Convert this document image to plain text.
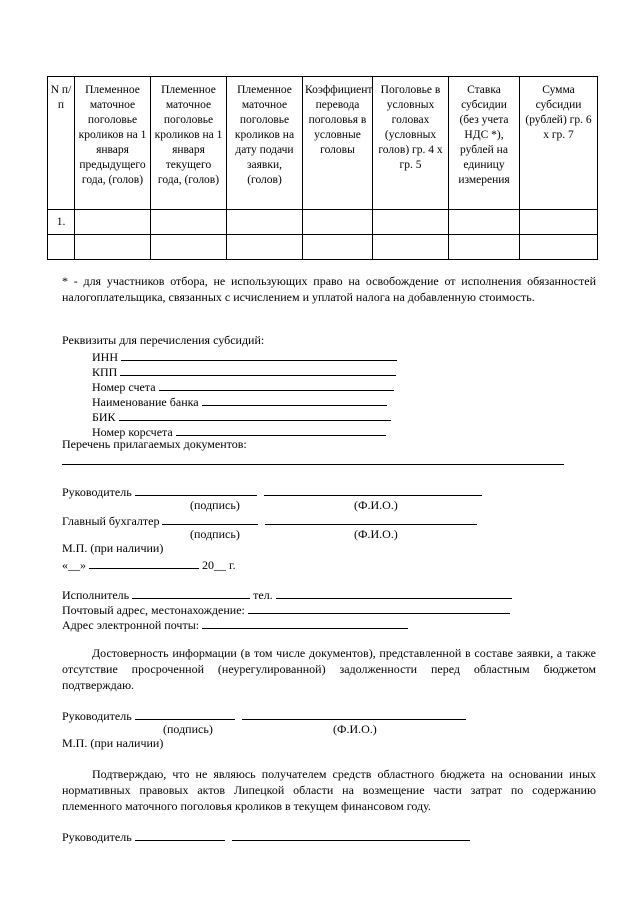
N п/п	Племенное маточное поголовье кроликов на 1 января предыдущего года, (голов)	Племенное маточное поголовье кроликов на 1 января текущего года, (голов)	Племенное маточное поголовье кроликов на дату подачи заявки, (голов)	Коэффициент перевода поголовья в условные головы	Поголовье в условных головах (условных голов) гр. 4 х гр. 5	Ставка субсидии (без учета НДС *), рублей на единицу измерения	Сумма субсидии (рублей) гр. 6 х гр. 7
1.							

* - для участников отбора, не использующих право на освобождение от исполнения обязанностей налогоплательщика, связанных с исчислением и уплатой налога на добавленную стоимость.
Реквизиты для перечисления субсидий:
ИНН
КПП
Номер счета
Наименование банка
БИК
Номер корсчета
Перечень прилагаемых документов:
Руководитель
(подпись)	(Ф.И.О.)
Главный бухгалтер
(подпись)	(Ф.И.О.)
М.П. (при наличии)
«__»	20__ г.
Исполнитель	тел.
Почтовый адрес, местонахождение:
Адрес электронной почты:
Достоверность информации (в том числе документов), представленной в составе заявки, а также отсутствие просроченной (неурегулированной) задолженности перед областным бюджетом подтверждаю.
Руководитель
(подпись)	(Ф.И.О.)
М.П. (при наличии)
Подтверждаю, что не являюсь получателем средств областного бюджета на основании иных нормативных правовых актов Липецкой области на возмещение части затрат по содержанию племенного маточного поголовья кроликов в текущем финансовом году.
Руководитель
